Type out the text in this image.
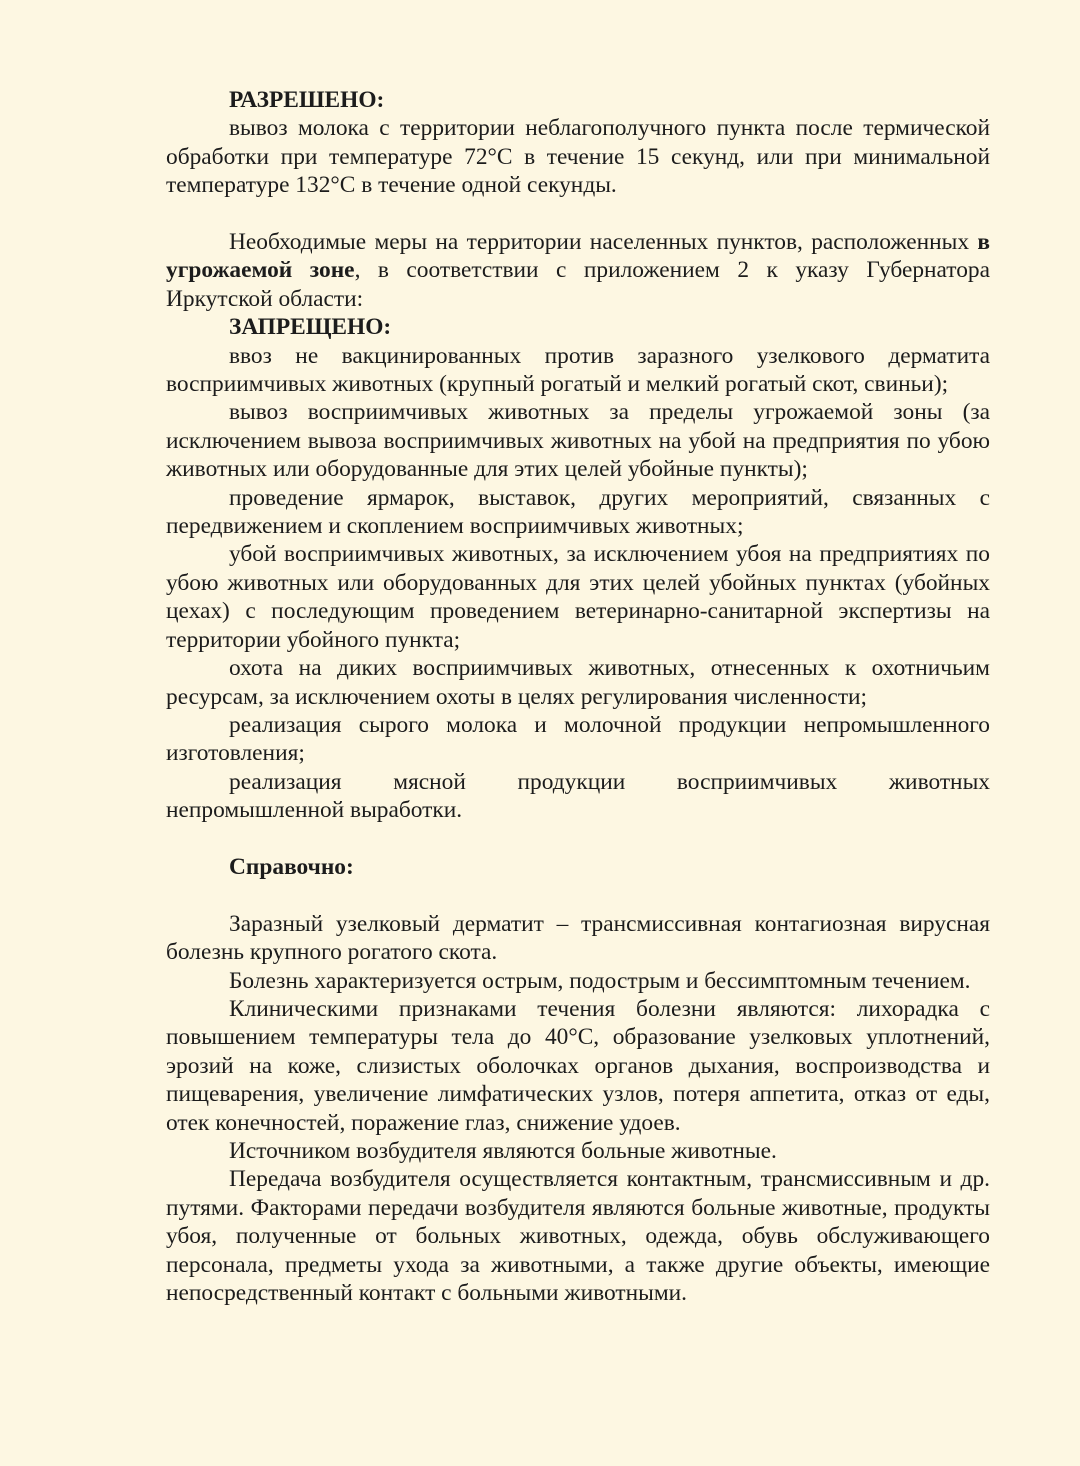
РАЗРЕШЕНО:

вывоз молока с территории неблагополучного пункта после термической обработки при температуре 72°С в течение 15 секунд, или при минимальной температуре 132°С в течение одной секунды.

Необходимые меры на территории населенных пунктов, расположенных в угрожаемой зоне, в соответствии с приложением 2 к указу Губернатора Иркутской области:

ЗАПРЕЩЕНО:

ввоз не вакцинированных против заразного узелкового дерматита восприимчивых животных (крупный рогатый и мелкий рогатый скот, свиньи);

вывоз восприимчивых животных за пределы угрожаемой зоны (за исключением вывоза восприимчивых животных на убой на предприятия по убою животных или оборудованные для этих целей убойные пункты);

проведение ярмарок, выставок, других мероприятий, связанных с передвижением и скоплением восприимчивых животных;

убой восприимчивых животных, за исключением убоя на предприятиях по убою животных или оборудованных для этих целей убойных пунктах (убойных цехах) с последующим проведением ветеринарно-санитарной экспертизы на территории убойного пункта;

охота на диких восприимчивых животных, отнесенных к охотничьим ресурсам, за исключением охоты в целях регулирования численности;

реализация сырого молока и молочной продукции непромышленного изготовления;

реализация мясной продукции восприимчивых животных непромышленной выработки.

Справочно:

Заразный узелковый дерматит – трансмиссивная контагиозная вирусная болезнь крупного рогатого скота.

Болезнь характеризуется острым, подострым и бессимптомным течением.

Клиническими признаками течения болезни являются: лихорадка с повышением температуры тела до 40°С, образование узелковых уплотнений, эрозий на коже, слизистых оболочках органов дыхания, воспроизводства и пищеварения, увеличение лимфатических узлов, потеря аппетита, отказ от еды, отек конечностей, поражение глаз, снижение удоев.

Источником возбудителя являются больные животные.

Передача возбудителя осуществляется контактным, трансмиссивным и др. путями. Факторами передачи возбудителя являются больные животные, продукты убоя, полученные от больных животных, одежда, обувь обслуживающего персонала, предметы ухода за животными, а также другие объекты, имеющие непосредственный контакт с больными животными.
